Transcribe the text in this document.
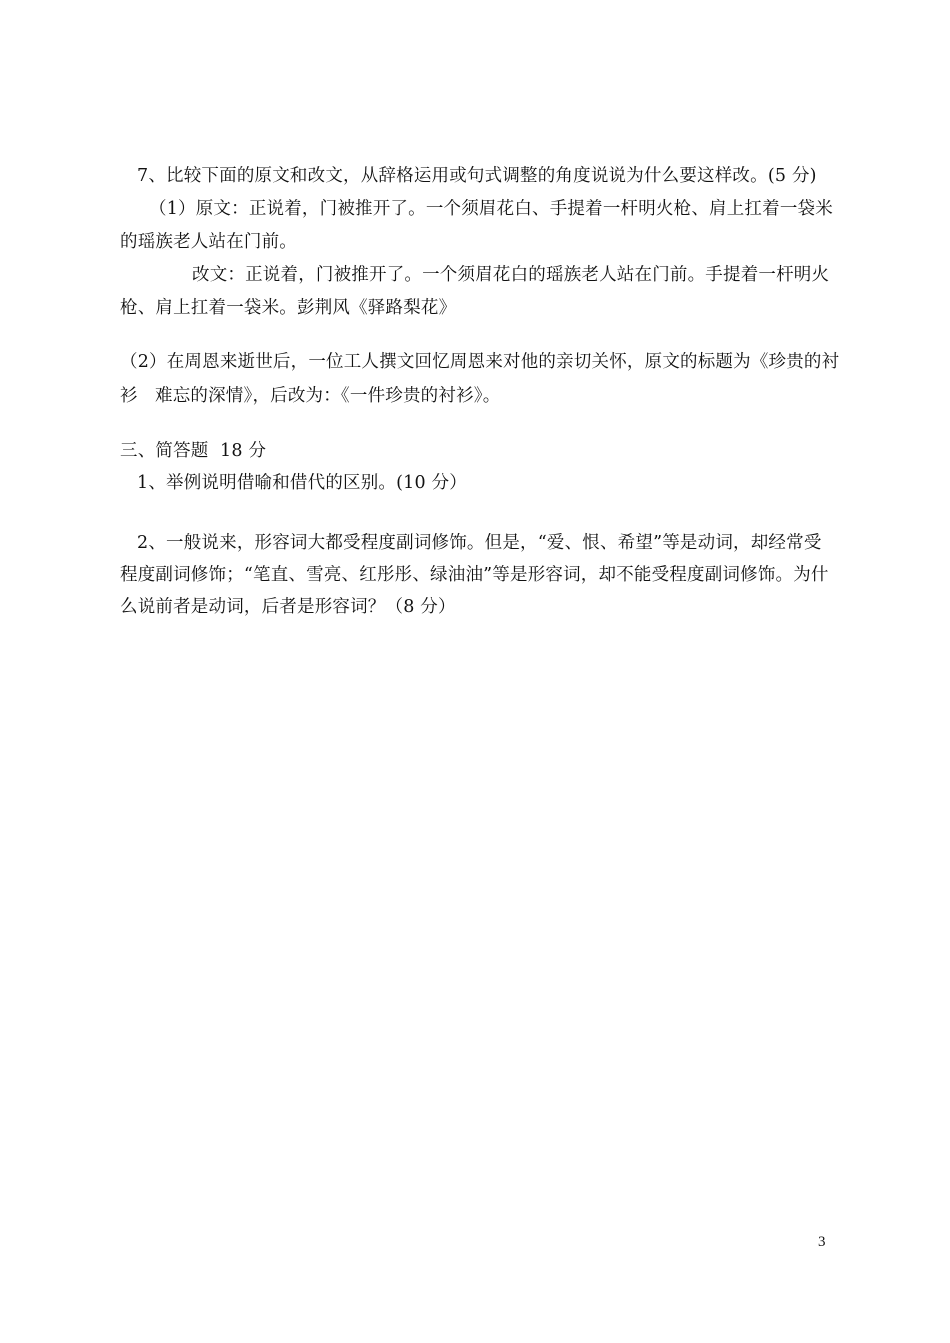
7、比较下面的原文和改文，从辞格运用或句式调整的角度说说为什么要这样改。(5 分)
（1）原文：正说着，门被推开了。一个须眉花白、手提着一杆明火枪、肩上扛着一袋米
的瑶族老人站在门前。
改文：正说着，门被推开了。一个须眉花白的瑶族老人站在门前。手提着一杆明火
枪、肩上扛着一袋米。彭荆风《驿路梨花》
（2）在周恩来逝世后，一位工人撰文回忆周恩来对他的亲切关怀，原文的标题为《珍贵的衬
衫   难忘的深情》，后改为：《一件珍贵的衬衫》。
三、简答题  18 分
1、举例说明借喻和借代的区别。(10 分）
2、一般说来，形容词大都受程度副词修饰。但是，“爱、恨、希望”等是动词，却经常受
程度副词修饰；“笔直、雪亮、红彤彤、绿油油”等是形容词，却不能受程度副词修饰。为什
么说前者是动词，后者是形容词？（8 分）
3
